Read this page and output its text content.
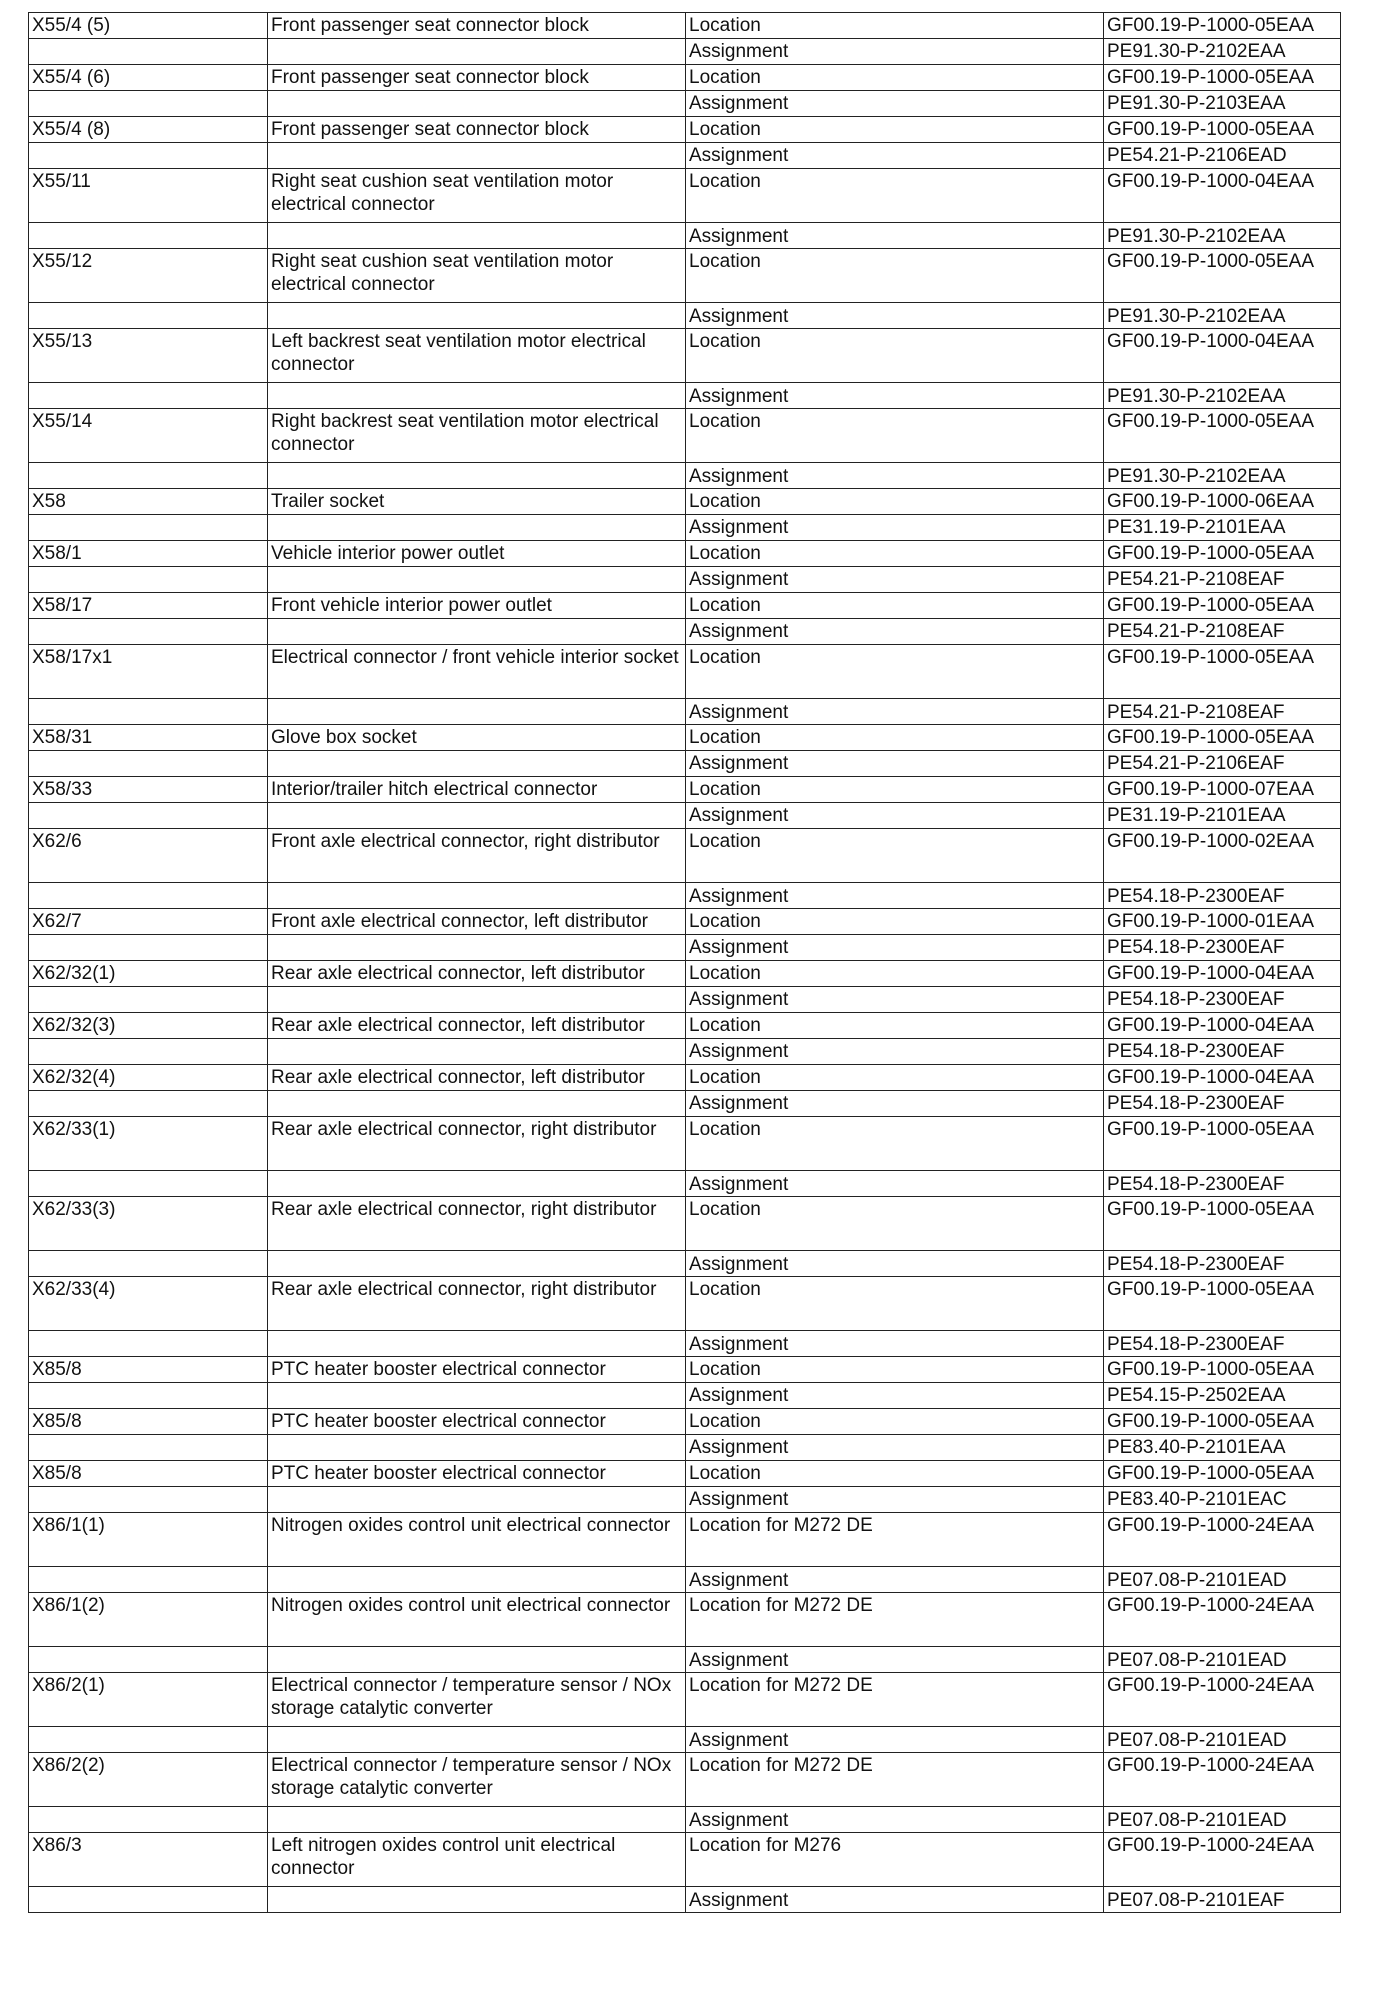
X55/4 (5)	Front passenger seat connector block	Location	GF00.19-P-1000-05EAA
		Assignment	PE91.30-P-2102EAA
X55/4 (6)	Front passenger seat connector block	Location	GF00.19-P-1000-05EAA
		Assignment	PE91.30-P-2103EAA
X55/4 (8)	Front passenger seat connector block	Location	GF00.19-P-1000-05EAA
		Assignment	PE54.21-P-2106EAD
X55/11	Right seat cushion seat ventilation motor electrical connector	Location	GF00.19-P-1000-04EAA
		Assignment	PE91.30-P-2102EAA
X55/12	Right seat cushion seat ventilation motor electrical connector	Location	GF00.19-P-1000-05EAA
		Assignment	PE91.30-P-2102EAA
X55/13	Left backrest seat ventilation motor electrical connector	Location	GF00.19-P-1000-04EAA
		Assignment	PE91.30-P-2102EAA
X55/14	Right backrest seat ventilation motor electrical connector	Location	GF00.19-P-1000-05EAA
		Assignment	PE91.30-P-2102EAA
X58	Trailer socket	Location	GF00.19-P-1000-06EAA
		Assignment	PE31.19-P-2101EAA
X58/1	Vehicle interior power outlet	Location	GF00.19-P-1000-05EAA
		Assignment	PE54.21-P-2108EAF
X58/17	Front vehicle interior power outlet	Location	GF00.19-P-1000-05EAA
		Assignment	PE54.21-P-2108EAF
X58/17x1	Electrical connector / front vehicle interior socket	Location	GF00.19-P-1000-05EAA
		Assignment	PE54.21-P-2108EAF
X58/31	Glove box socket	Location	GF00.19-P-1000-05EAA
		Assignment	PE54.21-P-2106EAF
X58/33	Interior/trailer hitch electrical connector	Location	GF00.19-P-1000-07EAA
		Assignment	PE31.19-P-2101EAA
X62/6	Front axle electrical connector, right distributor	Location	GF00.19-P-1000-02EAA
		Assignment	PE54.18-P-2300EAF
X62/7	Front axle electrical connector, left distributor	Location	GF00.19-P-1000-01EAA
		Assignment	PE54.18-P-2300EAF
X62/32(1)	Rear axle electrical connector, left distributor	Location	GF00.19-P-1000-04EAA
		Assignment	PE54.18-P-2300EAF
X62/32(3)	Rear axle electrical connector, left distributor	Location	GF00.19-P-1000-04EAA
		Assignment	PE54.18-P-2300EAF
X62/32(4)	Rear axle electrical connector, left distributor	Location	GF00.19-P-1000-04EAA
		Assignment	PE54.18-P-2300EAF
X62/33(1)	Rear axle electrical connector, right distributor	Location	GF00.19-P-1000-05EAA
		Assignment	PE54.18-P-2300EAF
X62/33(3)	Rear axle electrical connector, right distributor	Location	GF00.19-P-1000-05EAA
		Assignment	PE54.18-P-2300EAF
X62/33(4)	Rear axle electrical connector, right distributor	Location	GF00.19-P-1000-05EAA
		Assignment	PE54.18-P-2300EAF
X85/8	PTC heater booster electrical connector	Location	GF00.19-P-1000-05EAA
		Assignment	PE54.15-P-2502EAA
X85/8	PTC heater booster electrical connector	Location	GF00.19-P-1000-05EAA
		Assignment	PE83.40-P-2101EAA
X85/8	PTC heater booster electrical connector	Location	GF00.19-P-1000-05EAA
		Assignment	PE83.40-P-2101EAC
X86/1(1)	Nitrogen oxides control unit electrical connector	Location for M272 DE	GF00.19-P-1000-24EAA
		Assignment	PE07.08-P-2101EAD
X86/1(2)	Nitrogen oxides control unit electrical connector	Location for M272 DE	GF00.19-P-1000-24EAA
		Assignment	PE07.08-P-2101EAD
X86/2(1)	Electrical connector / temperature sensor / NOx storage catalytic converter	Location for M272 DE	GF00.19-P-1000-24EAA
		Assignment	PE07.08-P-2101EAD
X86/2(2)	Electrical connector / temperature sensor / NOx storage catalytic converter	Location for M272 DE	GF00.19-P-1000-24EAA
		Assignment	PE07.08-P-2101EAD
X86/3	Left nitrogen oxides control unit electrical connector	Location for M276	GF00.19-P-1000-24EAA
		Assignment	PE07.08-P-2101EAF
